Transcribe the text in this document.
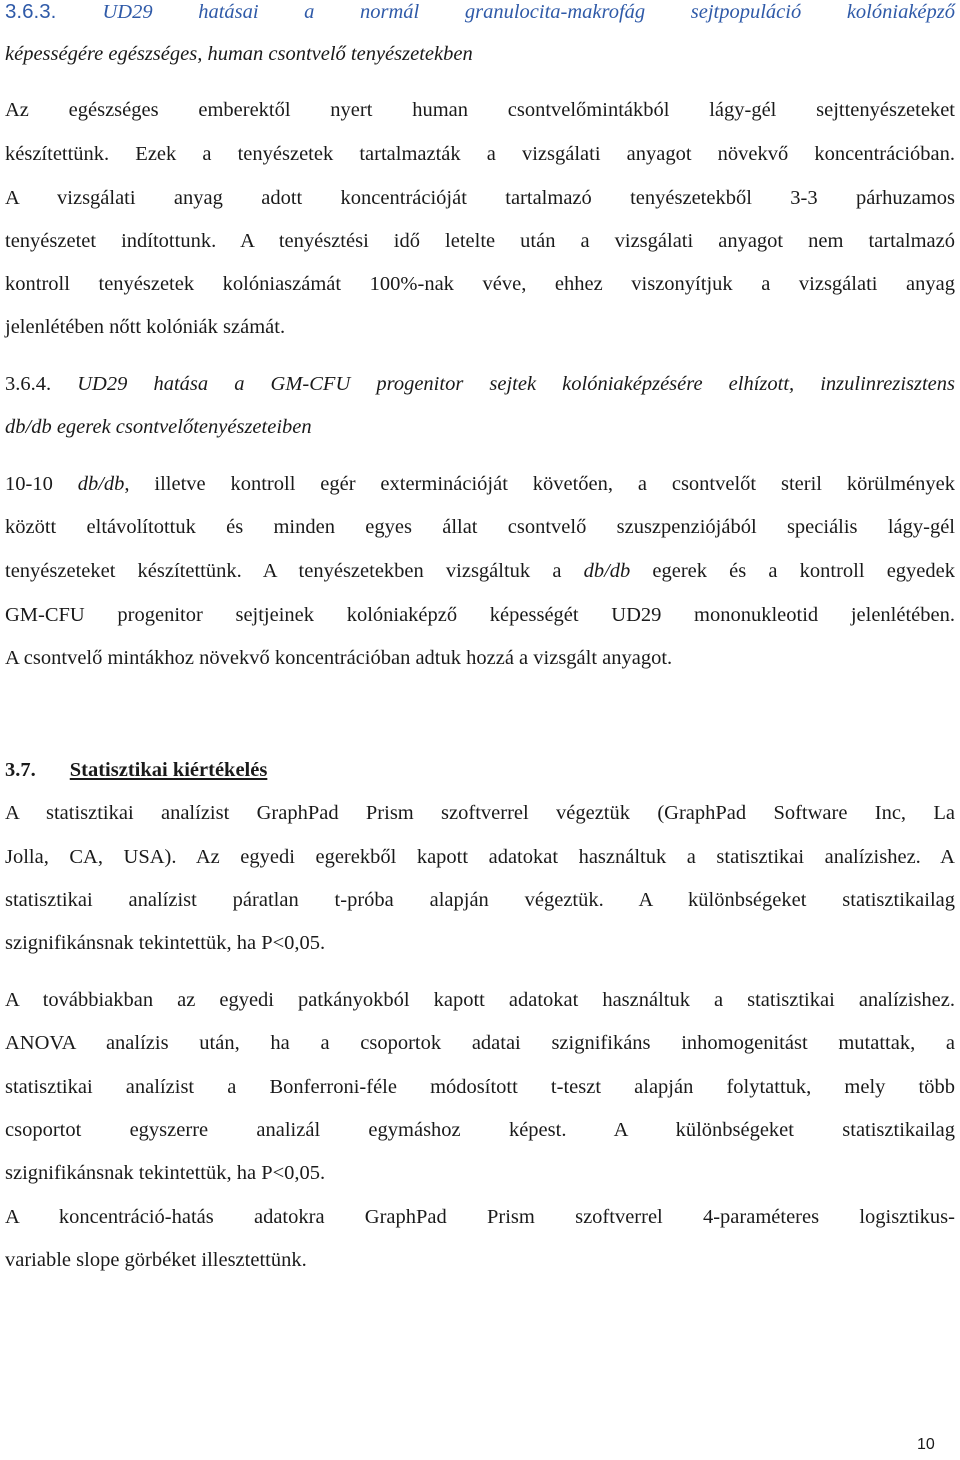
3.6.3. UD29 hatásai a normál granulocita-makrofág sejtpopuláció kolóniaképző
képességére egészséges, human csontvelő tenyészetekben
Az egészséges emberektől nyert human csontvelőmintákból lágy-gél sejttenyészeteket
készítettünk. Ezek a tenyészetek tartalmazták a vizsgálati anyagot növekvő koncentrációban.
A vizsgálati anyag adott koncentrációját tartalmazó tenyészetekből 3-3 párhuzamos
tenyészetet indítottunk. A tenyésztési idő letelte után a vizsgálati anyagot nem tartalmazó
kontroll tenyészetek kolóniaszámát 100%-nak véve, ehhez viszonyítjuk a vizsgálati anyag
jelenlétében nőtt kolóniák számát.
3.6.4. UD29 hatása a GM-CFU progenitor sejtek kolóniaképzésére elhízott, inzulinrezisztens
db/db egerek csontvelőtenyészeteiben
10-10 db/db, illetve kontroll egér exterminációját követően, a csontvelőt steril körülmények
között eltávolítottuk és minden egyes állat csontvelő szuszpenziójából speciális lágy-gél
tenyészeteket készítettünk. A tenyészetekben vizsgáltuk a db/db egerek és a kontroll egyedek
GM-CFU progenitor sejtjeinek kolóniaképző képességét UD29 mononukleotid jelenlétében.
A csontvelő mintákhoz növekvő koncentrációban adtuk hozzá a vizsgált anyagot.
3.7. Statisztikai kiértékelés
A statisztikai analízist GraphPad Prism szoftverrel végeztük (GraphPad Software Inc, La
Jolla, CA, USA). Az egyedi egerekből kapott adatokat használtuk a statisztikai analízishez. A
statisztikai analízist páratlan t-próba alapján végeztük. A különbségeket statisztikailag
szignifikánsnak tekintettük, ha P<0,05.
A továbbiakban az egyedi patkányokból kapott adatokat használtuk a statisztikai analízishez.
ANOVA analízis után, ha a csoportok adatai szignifikáns inhomogenitást mutattak, a
statisztikai analízist a Bonferroni-féle módosított t-teszt alapján folytattuk, mely több
csoportot egyszerre analizál egymáshoz képest. A különbségeket statisztikailag
szignifikánsnak tekintettük, ha P<0,05.
A koncentráció-hatás adatokra GraphPad Prism szoftverrel 4-paraméteres logisztikus-
variable slope görbéket illesztettünk.
10
